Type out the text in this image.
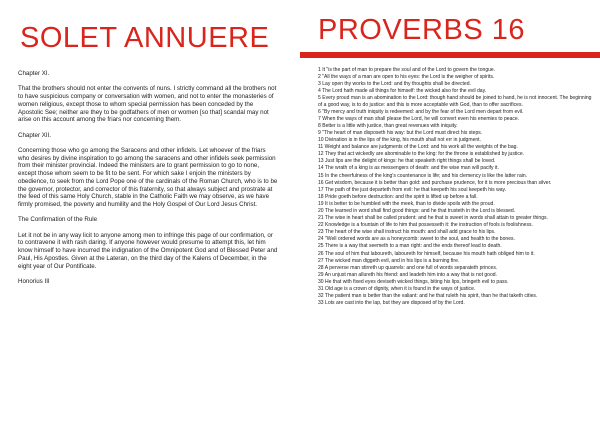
SOLET ANNUERE

Chapter XI.

That the brothers should not enter the convents of nuns. I strictly command all the brothers not to have suspicious company or conversation with women, and not to enter the monasteries of women religious, except those to whom special permission has been conceded by the Apostolic See; neither are they to be godfathers of men or women [so that] scandal may not arise on this account among the friars nor concerning them.

Chapter XII.

Concerning those who go among the Saracens and other infidels. Let whoever of the friars who desires by divine inspiration to go among the saracens and other infidels seek permission from their minister provincial. Indeed the ministers are to grant permission to go to none, except those whom seem to be fit to be sent. For which sake I enjoin the ministers by obedience, to seek from the Lord Pope one of the cardinals of the Roman Church, who is to be the governor, protector, and corrector of this fraternity, so that always subject and prostrate at the feed of this same Holy Church, stable in the Catholic Faith we may observe, as we have firmly promised, the poverty and humility and the Holy Gospel of Our Lord Jesus Christ.

The Confirmation of the Rule

Let it not be in any way licit to anyone among men to infringe this page of our confirmation, or to contravene it with rash daring. If anyone however would presume to attempt this, let him know himself to have incurred the indignation of the Omnipotent God and of Blessed Peter and Paul, His Apostles. Given at the Lateran, on the third day of the Kalens of December, in the eight year of Our Pontificate.

Honorius III

PROVERBS 16
1 It "is the part of man to prepare the soul and of the Lord to govern the tongue.
2 "All the ways of a man are open to his eyes: the Lord is the weigher of spirits.
3 Lay open thy works to the Lord: and thy thoughts shall be directed.
4 The Lord hath made all things for himself: the wicked also for the evil day.
5 Every proud man is an abomination to the Lord: though hand should be joined to hand, he is not innocent. The beginning of a good way, is to do justice: and this is more acceptable with God, than to offer sacrifices.
6 "By mercy and truth iniquity is redeemed: and by the fear of the Lord men depart from evil.
7 When the ways of man shall please the Lord, he will convert even his enemies to peace.
8 Better is a little with justice, than great revenues with iniquity.
9 "The heart of man disposeth his way: but the Lord must direct his steps.
10 Divination is in the lips of the king, his mouth shall not err in judgment.
11 Weight and balance are judgments of the Lord: and his work all the weights of the bag.
12 They that act wickedly are abominable to the king: for the throne is established by justice.
13 Just lips are the delight of kings: he that speaketh right things shall be loved.
14 The wrath of a king is as messengers of death: and the wise man will pacify it.
15 In the cheerfulness of the king's countenance is life; and his clemency is like the latter rain.
16 Get wisdom, because it is better than gold: and purchase prudence, for it is more precious than silver.
17 The path of the just departeth from evil: he that keepeth his soul keepeth his way.
18 Pride goeth before destruction: and the spirit is lifted up before a fall.
19 It is better to be humbled with the meek, than to divide spoils with the proud.
20 The learned in word shall find good things: and he that trusteth in the Lord is blessed.
21 The wise in heart shall be called prudent: and he that is sweet in words shall attain to greater things.
22 Knowledge is a fountain of life to him that possesseth it: the instruction of fools is foolishness.
23 The heart of the wise shall instruct his mouth: and shall add grace to his lips.
24 "Well ordered words are as a honeycomb: sweet to the soul, and health to the bones.
25 There is a way that seemeth to a man right: and the ends thereof lead to death.
26 The soul of him that laboureth, laboureth for himself, because his mouth hath obliged him to it.
27 The wicked man diggeth evil, and in his lips is a burning fire.
28 A perverse man stirreth up quarrels: and one full of words separateth princes.
29 An unjust man allureth his friend: and leadeth him into a way that is not good.
30 He that with fixed eyes deviseth wicked things, biting his lips, bringeth evil to pass.
31 Old age is a crown of dignity, when it is found in the ways of justice.
32 The patient man is better than the valiant: and he that ruleth his spirit, than he that taketh cities.
33 Lots are cast into the lap, but they are disposed of by the Lord.
